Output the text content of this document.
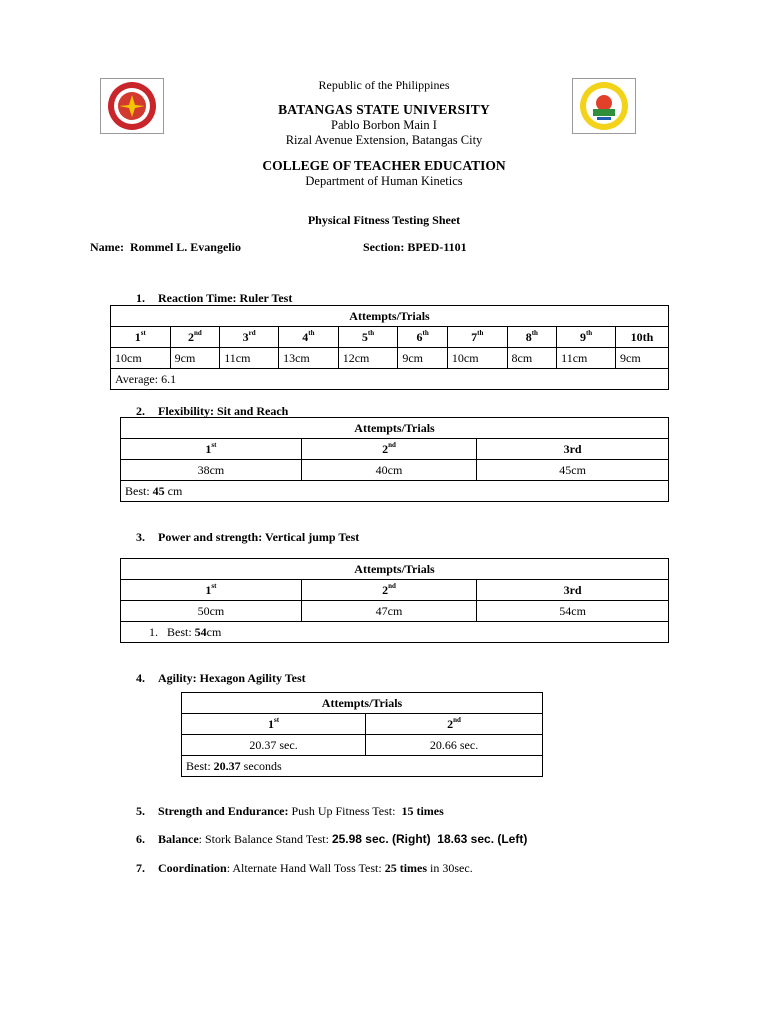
Republic of the Philippines
BATANGAS STATE UNIVERSITY
Pablo Borbon Main I
Rizal Avenue Extension, Batangas City
COLLEGE OF TEACHER EDUCATION
Department of Human Kinetics
Physical Fitness Testing Sheet
Name: Rommel L. Evangelio	Section: BPED-1101
1. Reaction Time: Ruler Test
Attempts/Trials									
1st	2nd	3rd	4th	5th	6th	7th	8th	9th	10th
10cm	9cm	11cm	13cm	12cm	9cm	10cm	8cm	11cm	9cm
Average: 6.1									
2. Flexibility: Sit and Reach
Attempts/Trials		
1st	2nd	3rd
38cm	40cm	45cm
Best: 45 cm		
3. Power and strength: Vertical jump Test
Attempts/Trials		
1st	2nd	3rd
50cm	47cm	54cm
1. Best: 54cm		
4. Agility: Hexagon Agility Test
Attempts/Trials	
1st	2nd
20.37 sec.	20.66 sec.
Best: 20.37 seconds	
5. Strength and Endurance: Push Up Fitness Test:  15 times
6. Balance: Stork Balance Stand Test: 25.98 sec. (Right)  18.63 sec. (Left)
7. Coordination: Alternate Hand Wall Toss Test: 25 times in 30sec.
